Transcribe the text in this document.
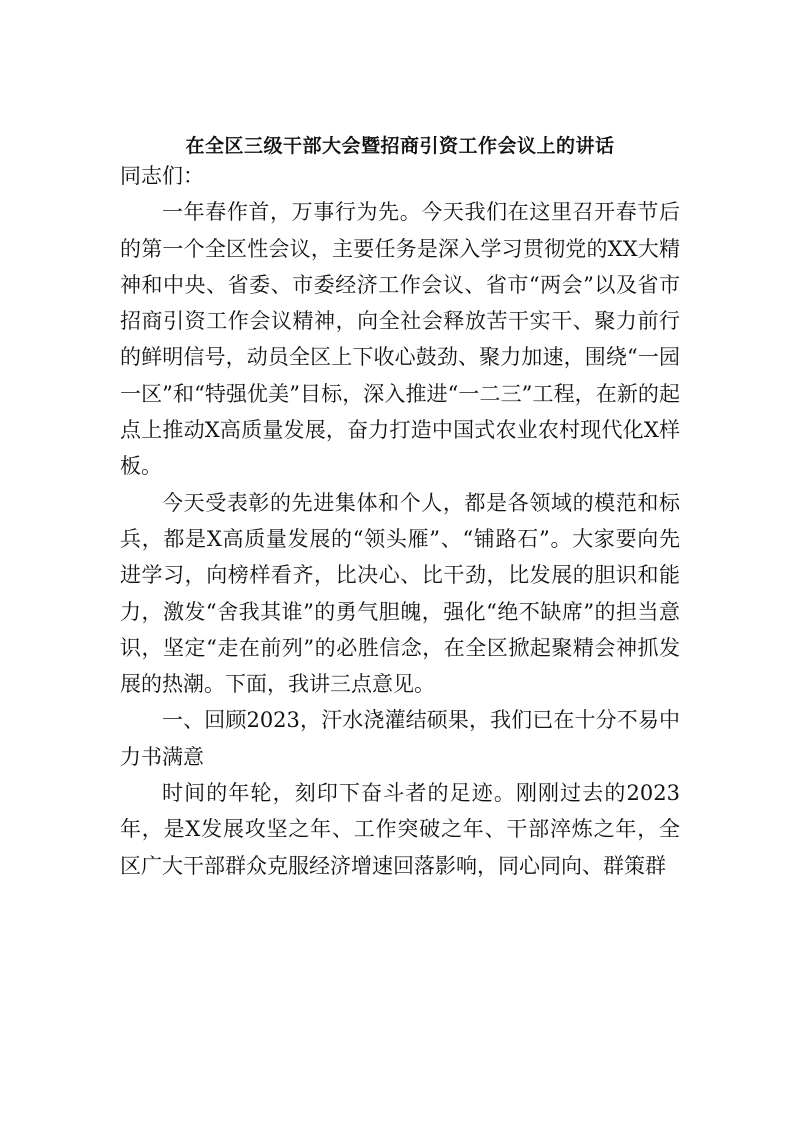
在全区三级干部大会暨招商引资工作会议上的讲话

同志们：

一年春作首，万事行为先。今天我们在这里召开春节后的第一个全区性会议，主要任务是深入学习贯彻党的XX大精神和中央、省委、市委经济工作会议、省市“两会”以及省市招商引资工作会议精神，向全社会释放苦干实干、聚力前行的鲜明信号，动员全区上下收心鼓劲、聚力加速，围绕“一园一区”和“特强优美”目标，深入推进“一二三”工程，在新的起点上推动X高质量发展，奋力打造中国式农业农村现代化X样板。

今天受表彰的先进集体和个人，都是各领域的模范和标兵，都是X高质量发展的“领头雁”、“铺路石”。大家要向先进学习，向榜样看齐，比决心、比干劲，比发展的胆识和能力，激发“舍我其谁”的勇气胆魄，强化“绝不缺席”的担当意识，坚定“走在前列”的必胜信念，在全区掀起聚精会神抓发展的热潮。下面，我讲三点意见。

一、回顾2023，汗水浇灌结硕果，我们已在十分不易中力书满意

时间的年轮，刻印下奋斗者的足迹。刚刚过去的2023年，是X发展攻坚之年、工作突破之年、干部淬炼之年，全区广大干部群众克服经济增速回落影响，同心同向、群策群
